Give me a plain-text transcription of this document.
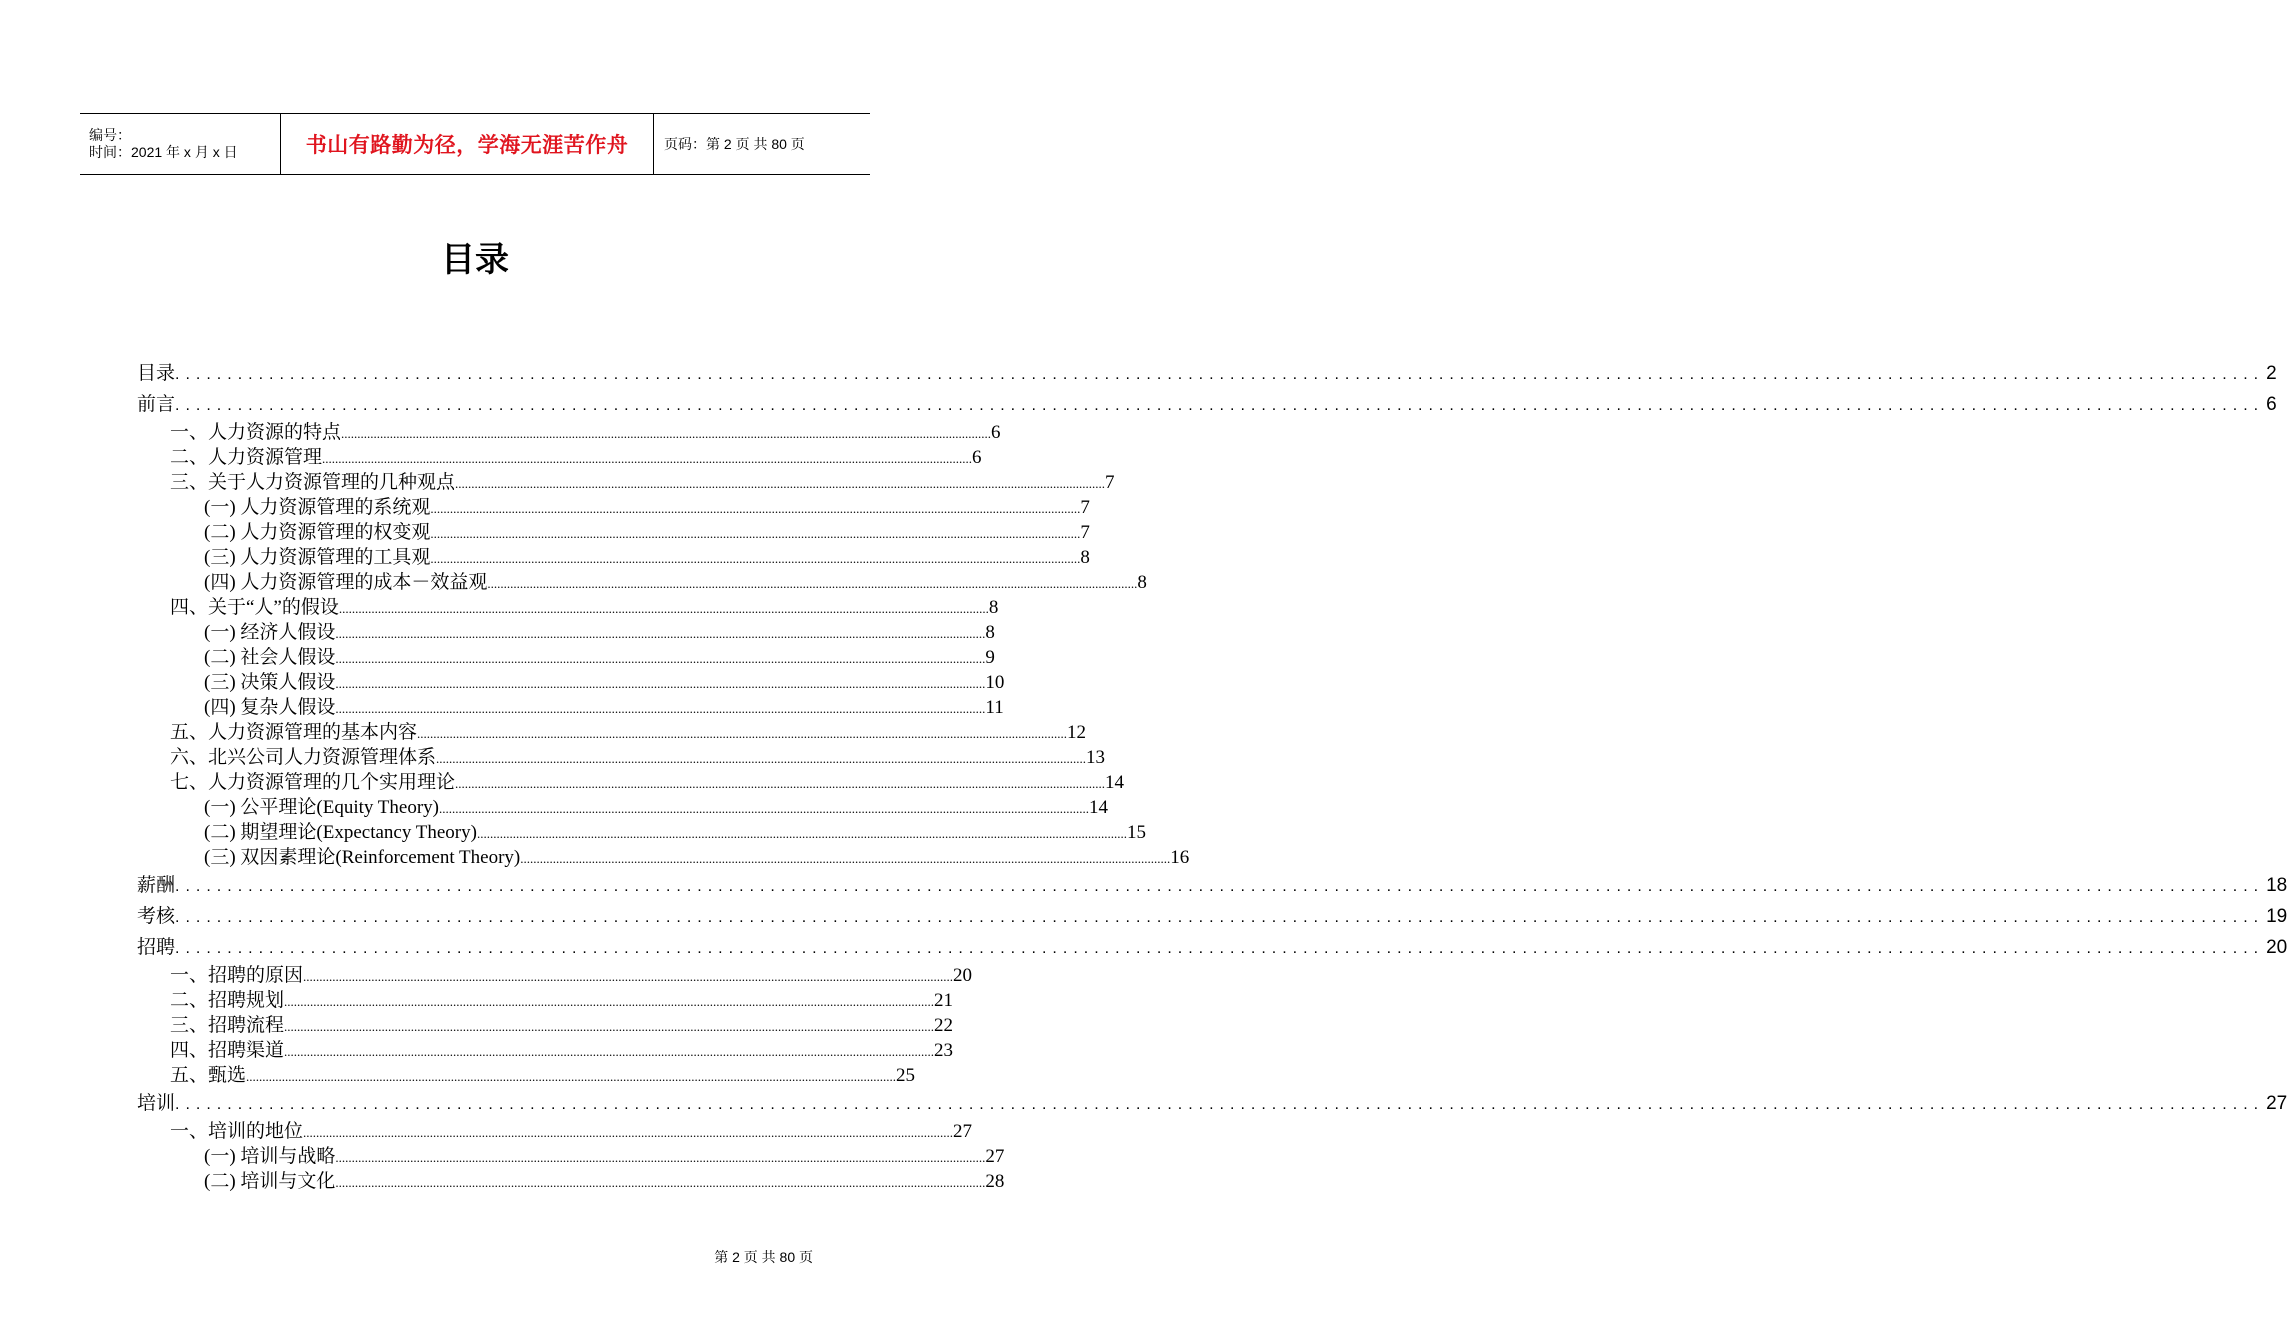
编号：
时间：2021 年 x 月 x 日	书山有路勤为径，学海无涯苦作舟	页码：第 2 页 共 80 页
目录
目录 ........................................................................................................................................................................................................ 2
前言 ........................................................................................................................................................................................................ 6
一、人力资源的特点 ........................................................................................................................................................................................................ 6
二、人力资源管理 ........................................................................................................................................................................................................ 6
三、关于人力资源管理的几种观点 ........................................................................................................................................................................................................ 7
(一) 人力资源管理的系统观 ........................................................................................................................................................................................................ 7
(二) 人力资源管理的权变观 ........................................................................................................................................................................................................ 7
(三) 人力资源管理的工具观 ........................................................................................................................................................................................................ 8
(四) 人力资源管理的成本－效益观 ........................................................................................................................................................................................................ 8
四、关于“人”的假设 ........................................................................................................................................................................................................ 8
(一) 经济人假设 ........................................................................................................................................................................................................ 8
(二) 社会人假设 ........................................................................................................................................................................................................ 9
(三) 决策人假设 ........................................................................................................................................................................................................ 10
(四) 复杂人假设 ........................................................................................................................................................................................................ 11
五、人力资源管理的基本内容 ........................................................................................................................................................................................................ 12
六、北兴公司人力资源管理体系 ........................................................................................................................................................................................................ 13
七、人力资源管理的几个实用理论 ........................................................................................................................................................................................................ 14
(一) 公平理论(Equity Theory) ........................................................................................................................................................................................................ 14
(二) 期望理论(Expectancy Theory) ........................................................................................................................................................................................................ 15
(三) 双因素理论(Reinforcement Theory) ........................................................................................................................................................................................................ 16
薪酬 ........................................................................................................................................................................................................ 18
考核 ........................................................................................................................................................................................................ 19
招聘 ........................................................................................................................................................................................................ 20
一、招聘的原因 ........................................................................................................................................................................................................ 20
二、招聘规划 ........................................................................................................................................................................................................ 21
三、招聘流程 ........................................................................................................................................................................................................ 22
四、招聘渠道 ........................................................................................................................................................................................................ 23
五、甄选 ........................................................................................................................................................................................................ 25
培训 ........................................................................................................................................................................................................ 27
一、培训的地位 ........................................................................................................................................................................................................ 27
(一) 培训与战略 ........................................................................................................................................................................................................ 27
(二) 培训与文化 ........................................................................................................................................................................................................ 28
第 2 页 共 80 页
